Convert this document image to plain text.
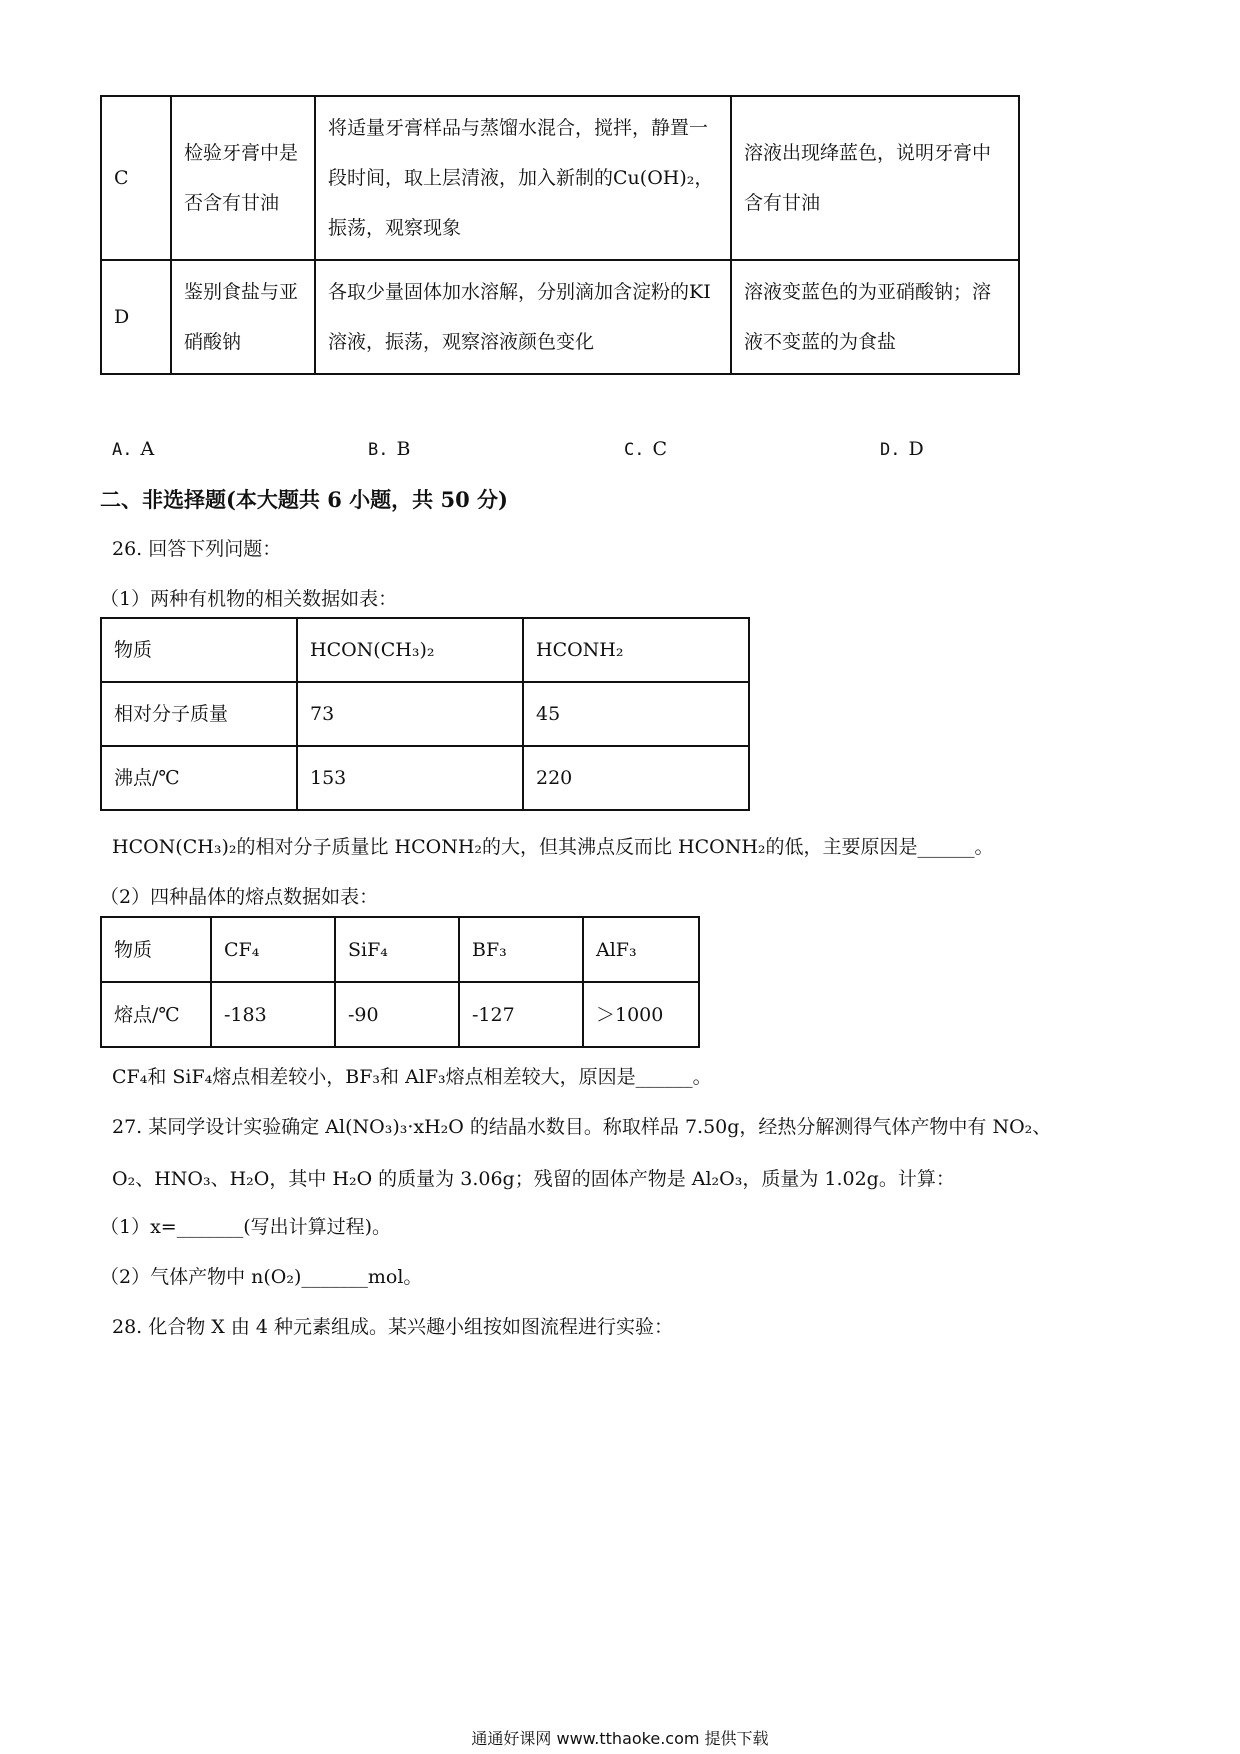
C	检验牙膏中是否含有甘油	将适量牙膏样品与蒸馏水混合，搅拌，静置一段时间，取上层清液，加入新制的Cu(OH)₂，振荡，观察现象	溶液出现绛蓝色，说明牙膏中含有甘油
D	鉴别食盐与亚硝酸钠	各取少量固体加水溶解，分别滴加含淀粉的KI溶液，振荡，观察溶液颜色变化	溶液变蓝色的为亚硝酸钠；溶液不变蓝的为食盐
A. A	B. B	C. C	D. D
二、非选择题(本大题共 6 小题，共 50 分)
26. 回答下列问题：
（1）两种有机物的相关数据如表：
物质	HCON(CH₃)₂	HCONH₂
相对分子质量	73	45
沸点/℃	153	220
HCON(CH₃)₂的相对分子质量比 HCONH₂的大，但其沸点反而比 HCONH₂的低，主要原因是______。
（2）四种晶体的熔点数据如表：
物质	CF₄	SiF₄	BF₃	AlF₃
熔点/℃	-183	-90	-127	＞1000
CF₄和 SiF₄熔点相差较小，BF₃和 AlF₃熔点相差较大，原因是______。
27. 某同学设计实验确定 Al(NO₃)₃·xH₂O 的结晶水数目。称取样品 7.50g，经热分解测得气体产物中有 NO₂、
O₂、HNO₃、H₂O，其中 H₂O 的质量为 3.06g；残留的固体产物是 Al₂O₃，质量为 1.02g。计算：
（1）x=_______(写出计算过程)。
（2）气体产物中 n(O₂)_______mol。
28. 化合物 X 由 4 种元素组成。某兴趣小组按如图流程进行实验：
通通好课网 www.tthaoke.com 提供下载
